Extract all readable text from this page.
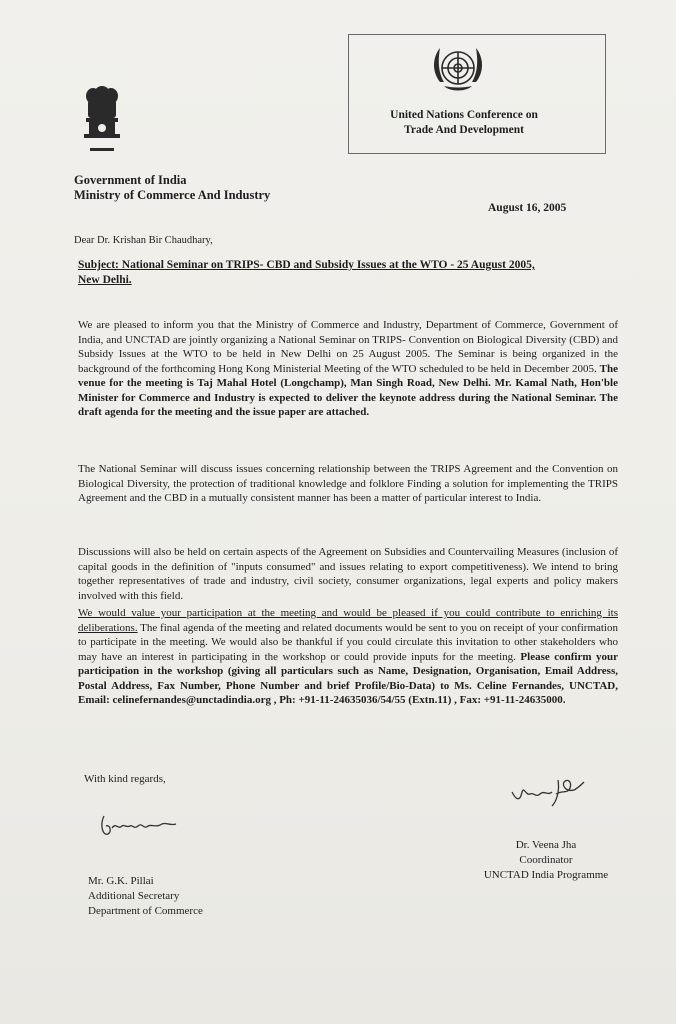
United Nations Conference on
Trade And Development
Government of India
Ministry of Commerce And Industry
August 16, 2005
Dear Dr. Krishan Bir Chaudhary,
Subject: National Seminar on TRIPS- CBD and Subsidy Issues at the WTO - 25 August 2005,
New Delhi.

We are pleased to inform you that the Ministry of Commerce and Industry, Department of Commerce, Government of India, and UNCTAD are jointly organizing a National Seminar on TRIPS- Convention on Biological Diversity (CBD) and Subsidy Issues at the WTO to be held in New Delhi on 25 August 2005. The Seminar is being organized in the background of the forthcoming Hong Kong Ministerial Meeting of the WTO scheduled to be held in December 2005. The venue for the meeting is Taj Mahal Hotel (Longchamp), Man Singh Road, New Delhi. Mr. Kamal Nath, Hon'ble Minister for Commerce and Industry is expected to deliver the keynote address during the National Seminar. The draft agenda for the meeting and the issue paper are attached.

The National Seminar will discuss issues concerning relationship between the TRIPS Agreement and the Convention on Biological Diversity, the protection of traditional knowledge and folklore Finding a solution for implementing the TRIPS Agreement and the CBD in a mutually consistent manner has been a matter of particular interest to India.

Discussions will also be held on certain aspects of the Agreement on Subsidies and Countervailing Measures (inclusion of capital goods in the definition of "inputs consumed" and issues relating to export competitiveness). We intend to bring together representatives of trade and industry, civil society, consumer organizations, legal experts and policy makers involved with this field.

We would value your participation at the meeting and would be pleased if you could contribute to enriching its deliberations. The final agenda of the meeting and related documents would be sent to you on receipt of your confirmation to participate in the meeting. We would also be thankful if you could circulate this invitation to other stakeholders who may have an interest in participating in the workshop or could provide inputs for the meeting. Please confirm your participation in the workshop (giving all particulars such as Name, Designation, Organisation, Email Address, Postal Address, Fax Number, Phone Number and brief Profile/Bio-Data) to Ms. Celine Fernandes, UNCTAD, Email: celinefernandes@unctadindia.org , Ph: +91-11-24635036/54/55 (Extn.11) , Fax: +91-11-24635000.

With kind regards,
Mr. G.K. Pillai
Additional Secretary
Department of Commerce
Dr. Veena Jha
Coordinator
UNCTAD India Programme
